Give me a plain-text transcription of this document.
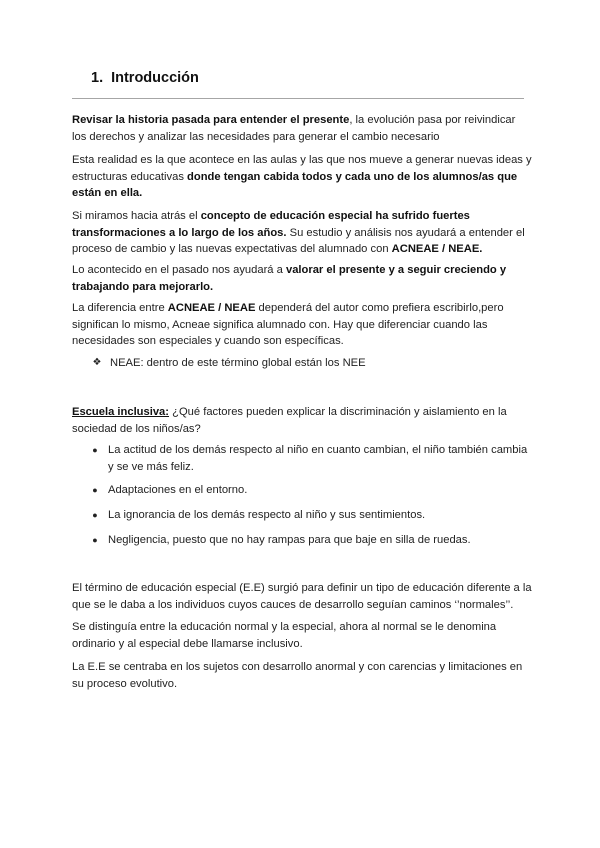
1. Introducción

Revisar la historia pasada para entender el presente, la evolución pasa por reivindicar los derechos y analizar las necesidades para generar el cambio necesario

Esta realidad es la que acontece en las aulas y las que nos mueve a generar nuevas ideas y estructuras educativas donde tengan cabida todos y cada uno de los alumnos/as que están en ella.

Si miramos hacia atrás el concepto de educación especial ha sufrido fuertes transformaciones a lo largo de los años. Su estudio y análisis nos ayudará a entender el proceso de cambio y las nuevas expectativas del alumnado con ACNEAE / NEAE.

Lo acontecido en el pasado nos ayudará a valorar el presente y a seguir creciendo y trabajando para mejorarlo.

La diferencia entre ACNEAE / NEAE dependerá del autor como prefiera escribirlo,pero significan lo mismo, Acneae significa alumnado con. Hay que diferenciar cuando las necesidades son especiales y cuando son específicas.

❖ NEAE: dentro de este término global están los NEE

Escuela inclusiva: ¿Qué factores pueden explicar la discriminación y aislamiento en la sociedad de los niños/as?

● La actitud de los demás respecto al niño en cuanto cambian, el niño también cambia y se ve más feliz.
● Adaptaciones en el entorno.
● La ignorancia de los demás respecto al niño y sus sentimientos.
● Negligencia, puesto que no hay rampas para que baje en silla de ruedas.

El término de educación especial (E.E) surgió para definir un tipo de educación diferente a la que se le daba a los individuos cuyos cauces de desarrollo seguían caminos ‘’normales’’.

Se distinguía entre la educación normal y la especial, ahora al normal se le denomina ordinario y al especial debe llamarse inclusivo.

La E.E se centraba en los sujetos con desarrollo anormal y con carencias y limitaciones en su proceso evolutivo.
